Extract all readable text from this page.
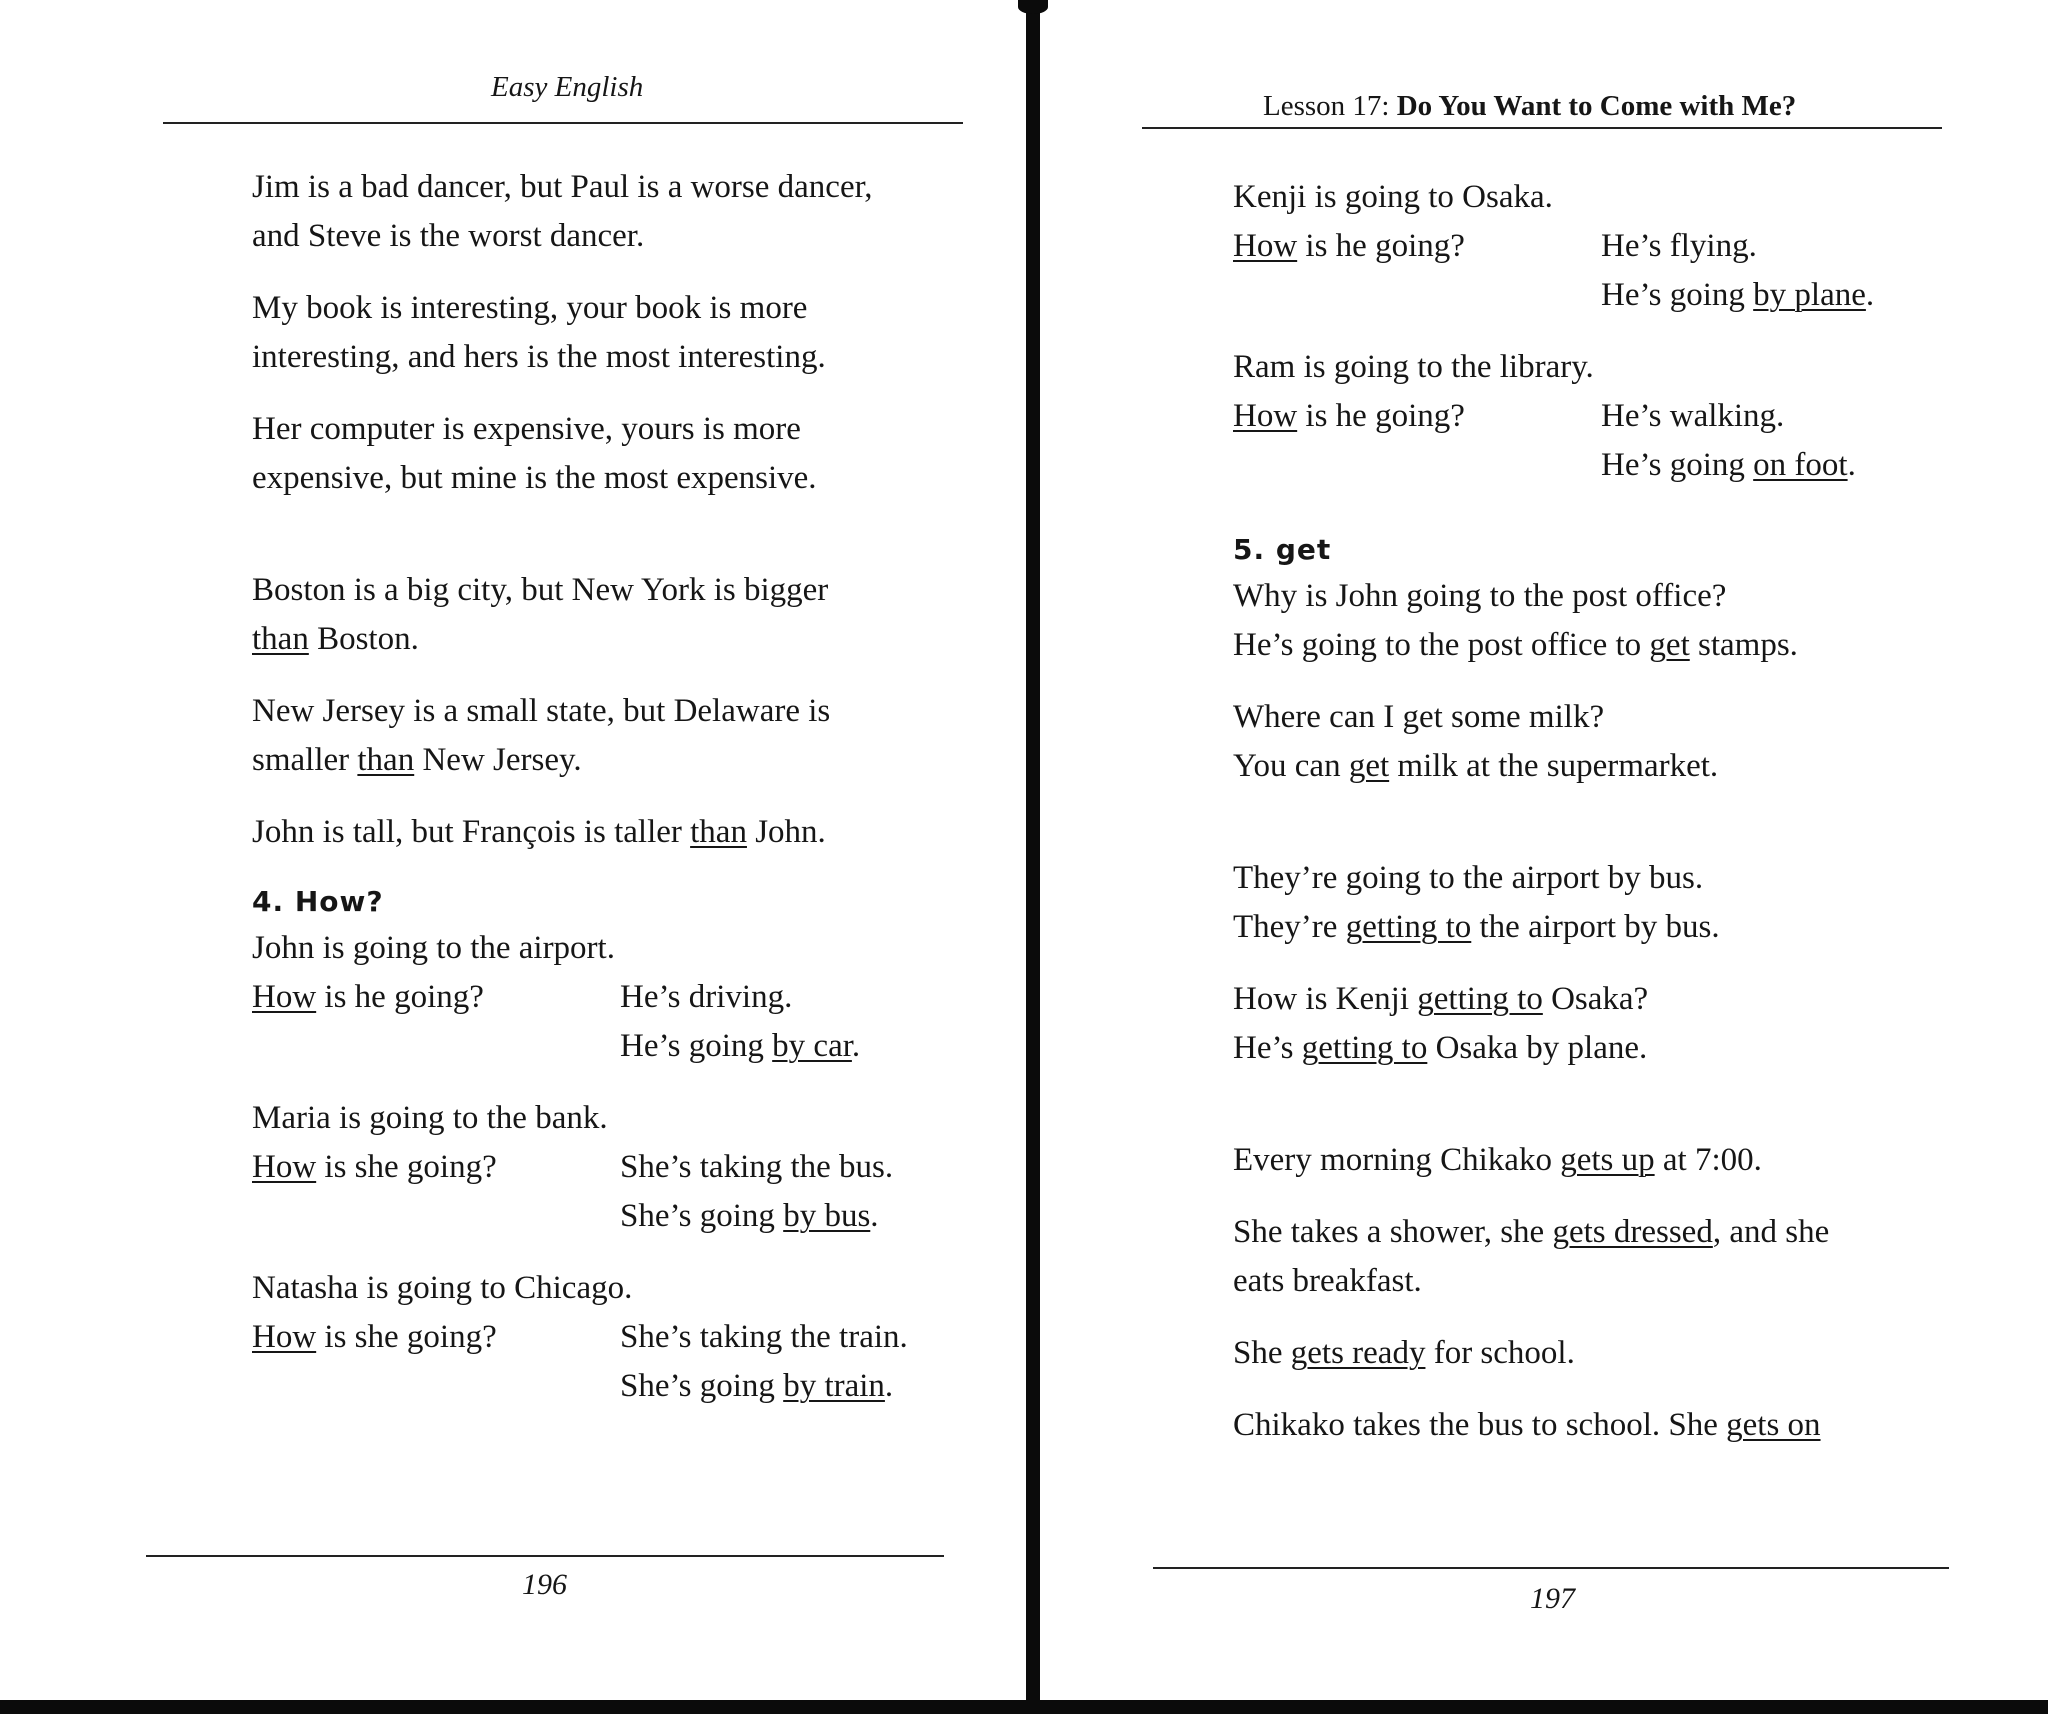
Easy English
Jim is a bad dancer, but Paul is a worse dancer,
and Steve is the worst dancer.
My book is interesting, your book is more
interesting, and hers is the most interesting.
Her computer is expensive, yours is more
expensive, but mine is the most expensive.
Boston is a big city, but New York is bigger
than Boston.
New Jersey is a small state, but Delaware is
smaller than New Jersey.
John is tall, but François is taller than John.
4. How?
John is going to the airport.
How is he going?	He’s driving.
He’s going by car.
Maria is going to the bank.
How is she going?	She’s taking the bus.
She’s going by bus.
Natasha is going to Chicago.
How is she going?	She’s taking the train.
She’s going by train.
196
Lesson 17: Do You Want to Come with Me?
Kenji is going to Osaka.
How is he going?	He’s flying.
He’s going by plane.
Ram is going to the library.
How is he going?	He’s walking.
He’s going on foot.
5. get
Why is John going to the post office?
He’s going to the post office to get stamps.
Where can I get some milk?
You can get milk at the supermarket.
They’re going to the airport by bus.
They’re getting to the airport by bus.
How is Kenji getting to Osaka?
He’s getting to Osaka by plane.
Every morning Chikako gets up at 7:00.
She takes a shower, she gets dressed, and she
eats breakfast.
She gets ready for school.
Chikako takes the bus to school. She gets on
197
